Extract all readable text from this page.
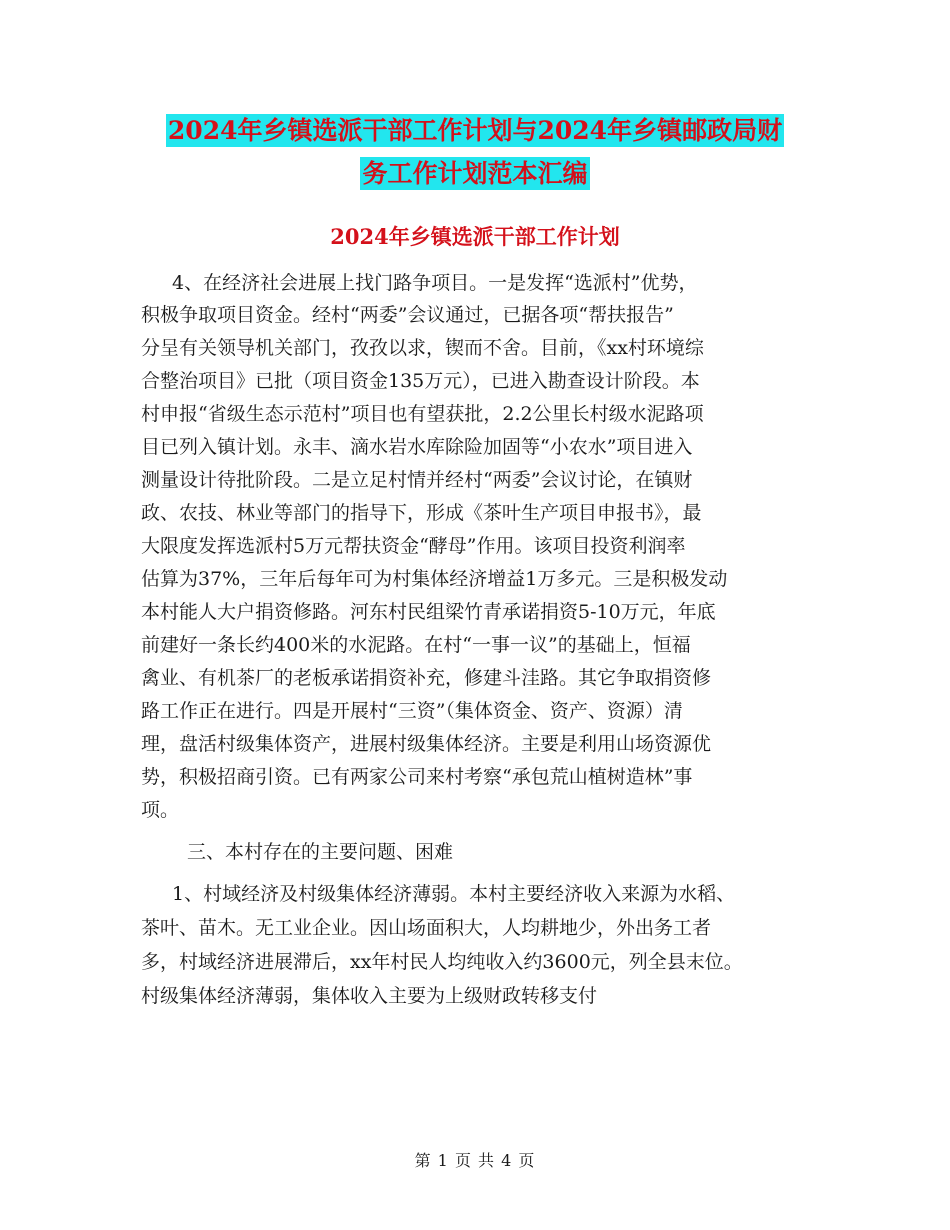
2024年乡镇选派干部工作计划与2024年乡镇邮政局财
务工作计划范本汇编
2024年乡镇选派干部工作计划
4、在经济社会进展上找门路争项目。一是发挥“选派村”优势，
积极争取项目资金。经村“两委”会议通过，已据各项“帮扶报告”
分呈有关领导机关部门，孜孜以求，锲而不舍。目前，《xx村环境综
合整治项目》已批（项目资金135万元），已进入勘查设计阶段。本
村申报“省级生态示范村”项目也有望获批，2.2公里长村级水泥路项
目已列入镇计划。永丰、滴水岩水库除险加固等“小农水”项目进入
测量设计待批阶段。二是立足村情并经村“两委”会议讨论，在镇财
政、农技、林业等部门的指导下，形成《茶叶生产项目申报书》，最
大限度发挥选派村5万元帮扶资金“酵母”作用。该项目投资利润率
估算为37%，三年后每年可为村集体经济增益1万多元。三是积极发动
本村能人大户捐资修路。河东村民组梁竹青承诺捐资5-10万元，年底
前建好一条长约400米的水泥路。在村“一事一议”的基础上，恒福
禽业、有机茶厂的老板承诺捐资补充，修建斗洼路。其它争取捐资修
路工作正在进行。四是开展村“三资”（集体资金、资产、资源）清
理，盘活村级集体资产，进展村级集体经济。主要是利用山场资源优
势，积极招商引资。已有两家公司来村考察“承包荒山植树造林”事
项。
三、本村存在的主要问题、困难
1、村域经济及村级集体经济薄弱。本村主要经济收入来源为水稻、
茶叶、苗木。无工业企业。因山场面积大，人均耕地少，外出务工者
多，村域经济进展滞后，xx年村民人均纯收入约3600元，列全县末位。
村级集体经济薄弱，集体收入主要为上级财政转移支付
第 1 页 共 4 页
